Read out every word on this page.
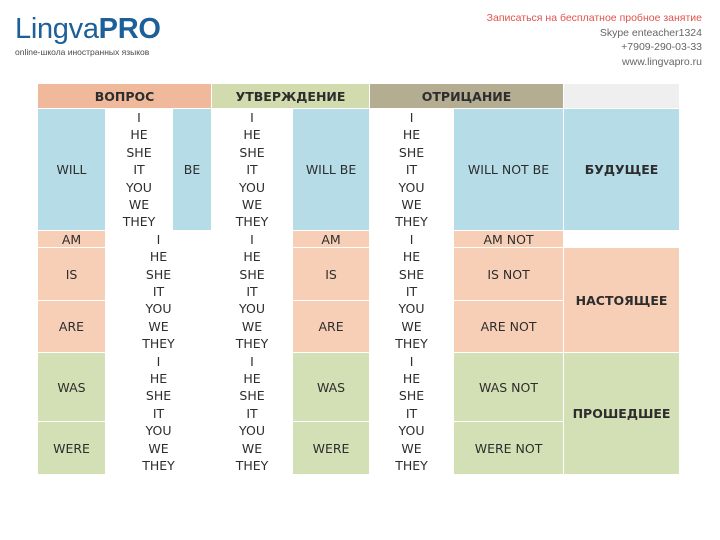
LingvaPRO
online-школа иностранных языков
Записаться на бесплатное пробное занятие
Skype enteacher1324
+7909-290-03-33
www.lingvapro.ru
ВОПРОС			УТВЕРЖДЕНИЕ		ОТРИЦАНИЕ		
WILL	I	BE	I	WILL BE	I	WILL NOT BE	БУДУЩЕЕ
	HE		HE		HE		
	SHE		SHE		SHE		
	IT		IT		IT		
	YOU		YOU		YOU		
	WE		WE		WE		
	THEY		THEY		THEY		
AM	I		I	AM	I	AM NOT	
IS	HE		HE	IS	HE	IS NOT	НАСТОЯЩЕЕ
	SHE		SHE		SHE		
	IT		IT		IT		
ARE	YOU		YOU	ARE	YOU	ARE NOT	
	WE		WE		WE		
	THEY		THEY		THEY		
WAS	I		I	WAS	I	WAS NOT	ПРОШЕДШЕЕ
	HE		HE		HE		
	SHE		SHE		SHE		
	IT		IT		IT		
WERE	YOU		YOU	WERE	YOU	WERE NOT	
	WE		WE		WE		
	THEY		THEY		THEY		
